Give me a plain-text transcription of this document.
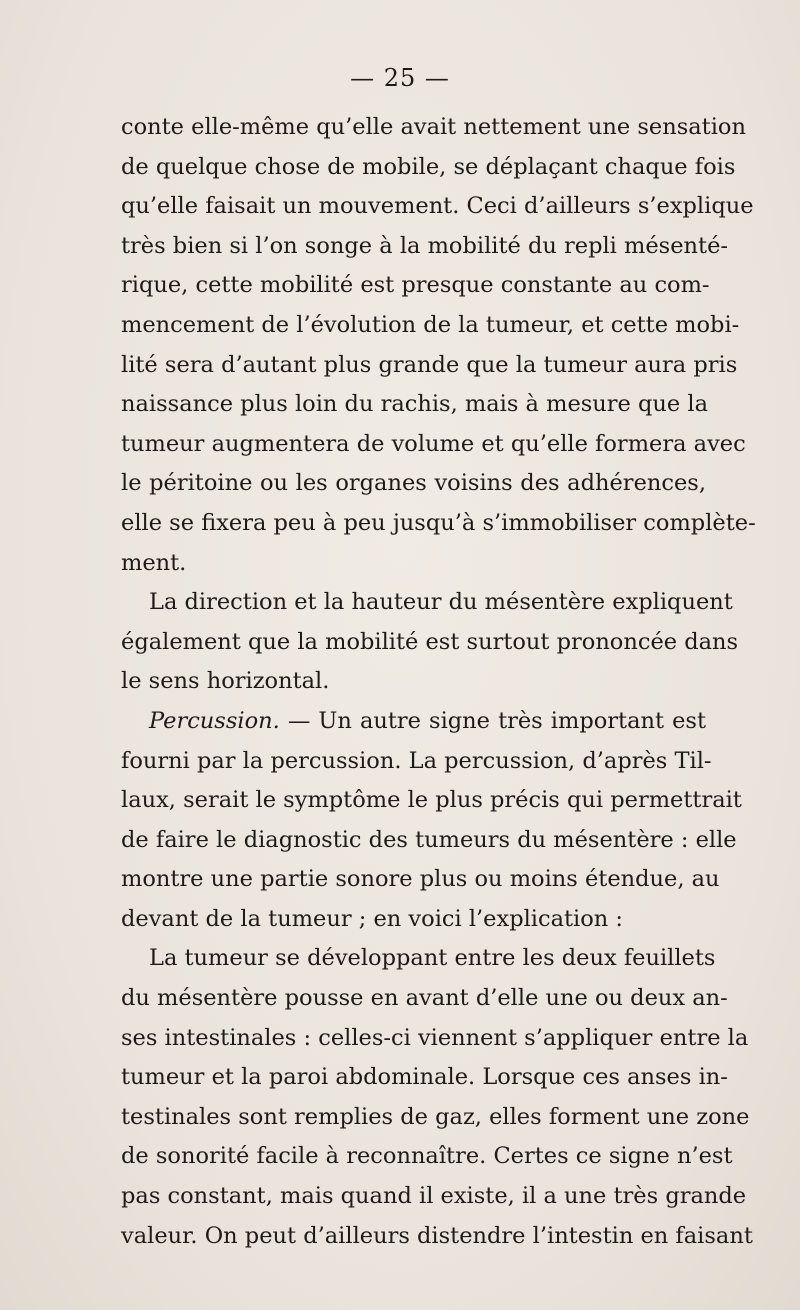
— 25 —
conte elle-même qu’elle avait nettement une sensation
de quelque chose de mobile, se déplaçant chaque fois
qu’elle faisait un mouvement. Ceci d’ailleurs s’explique
très bien si l’on songe à la mobilité du repli mésenté-
rique, cette mobilité est presque constante au com-
mencement de l’évolution de la tumeur, et cette mobi-
lité sera d’autant plus grande que la tumeur aura pris
naissance plus loin du rachis, mais à mesure que la
tumeur augmentera de volume et qu’elle formera avec
le péritoine ou les organes voisins des adhérences,
elle se fixera peu à peu jusqu’à s’immobiliser complète-
ment.
La direction et la hauteur du mésentère expliquent
également que la mobilité est surtout prononcée dans
le sens horizontal.
Percussion. — Un autre signe très important est
fourni par la percussion. La percussion, d’après Til-
laux, serait le symptôme le plus précis qui permettrait
de faire le diagnostic des tumeurs du mésentère : elle
montre une partie sonore plus ou moins étendue, au
devant de la tumeur ; en voici l’explication :
La tumeur se développant entre les deux feuillets
du mésentère pousse en avant d’elle une ou deux an-
ses intestinales : celles-ci viennent s’appliquer entre la
tumeur et la paroi abdominale. Lorsque ces anses in-
testinales sont remplies de gaz, elles forment une zone
de sonorité facile à reconnaître. Certes ce signe n’est
pas constant, mais quand il existe, il a une très grande
valeur. On peut d’ailleurs distendre l’intestin en faisant
